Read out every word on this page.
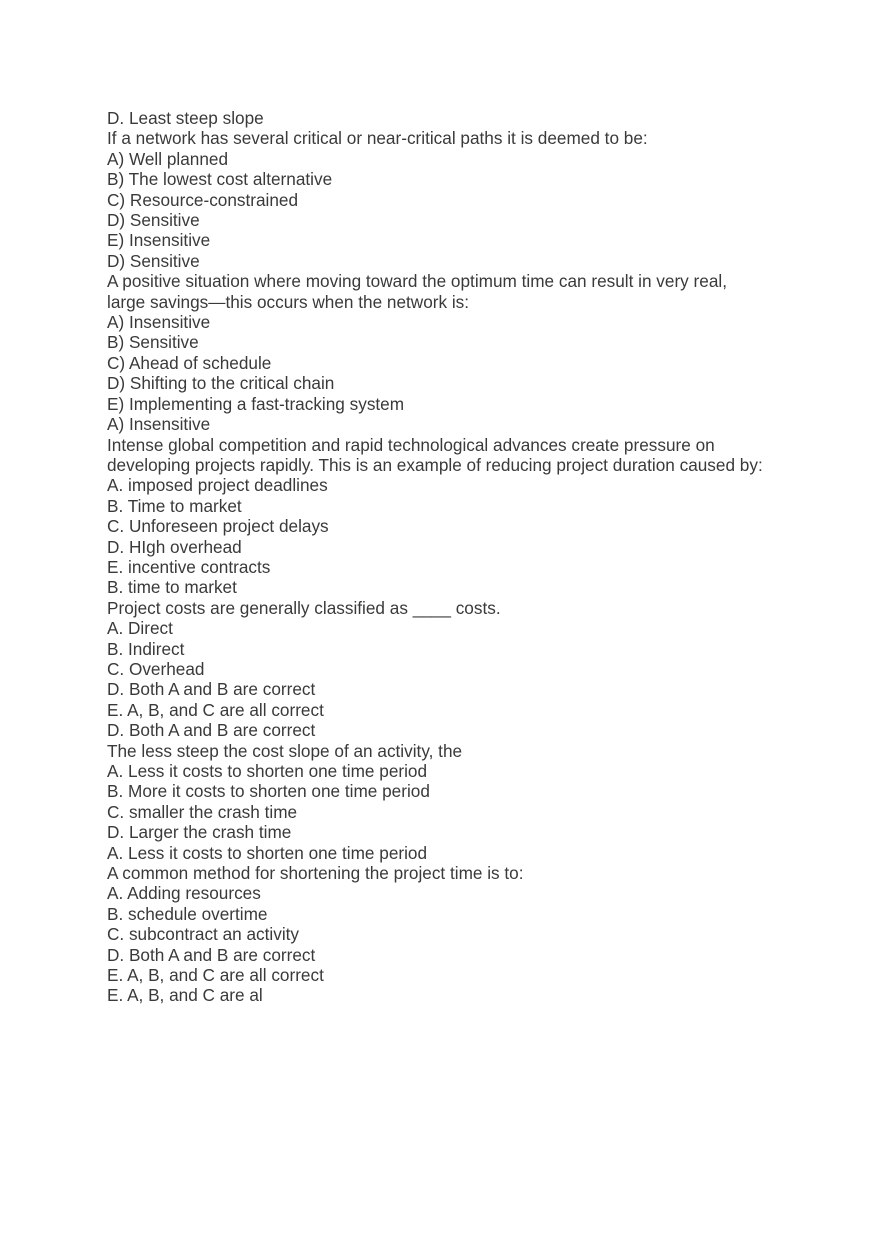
D. Least steep slope
If a network has several critical or near-critical paths it is deemed to be:
A) Well planned
B) The lowest cost alternative
C) Resource-constrained
D) Sensitive
E) Insensitive
D) Sensitive
A positive situation where moving toward the optimum time can result in very real, large savings—this occurs when the network is:
A) Insensitive
B) Sensitive
C) Ahead of schedule
D) Shifting to the critical chain
E) Implementing a fast-tracking system
A) Insensitive
Intense global competition and rapid technological advances create pressure on developing projects rapidly. This is an example of reducing project duration caused by:
A. imposed project deadlines
B. Time to market
C. Unforeseen project delays
D. HIgh overhead
E. incentive contracts
B. time to market
Project costs are generally classified as ____ costs.
A. Direct
B. Indirect
C. Overhead
D. Both A and B are correct
E. A, B, and C are all correct
D. Both A and B are correct
The less steep the cost slope of an activity, the
A. Less it costs to shorten one time period
B. More it costs to shorten one time period
C. smaller the crash time
D. Larger the crash time
A. Less it costs to shorten one time period
A common method for shortening the project time is to:
A. Adding resources
B. schedule overtime
C. subcontract an activity
D. Both A and B are correct
E. A, B, and C are all correct
E. A, B, and C are al
